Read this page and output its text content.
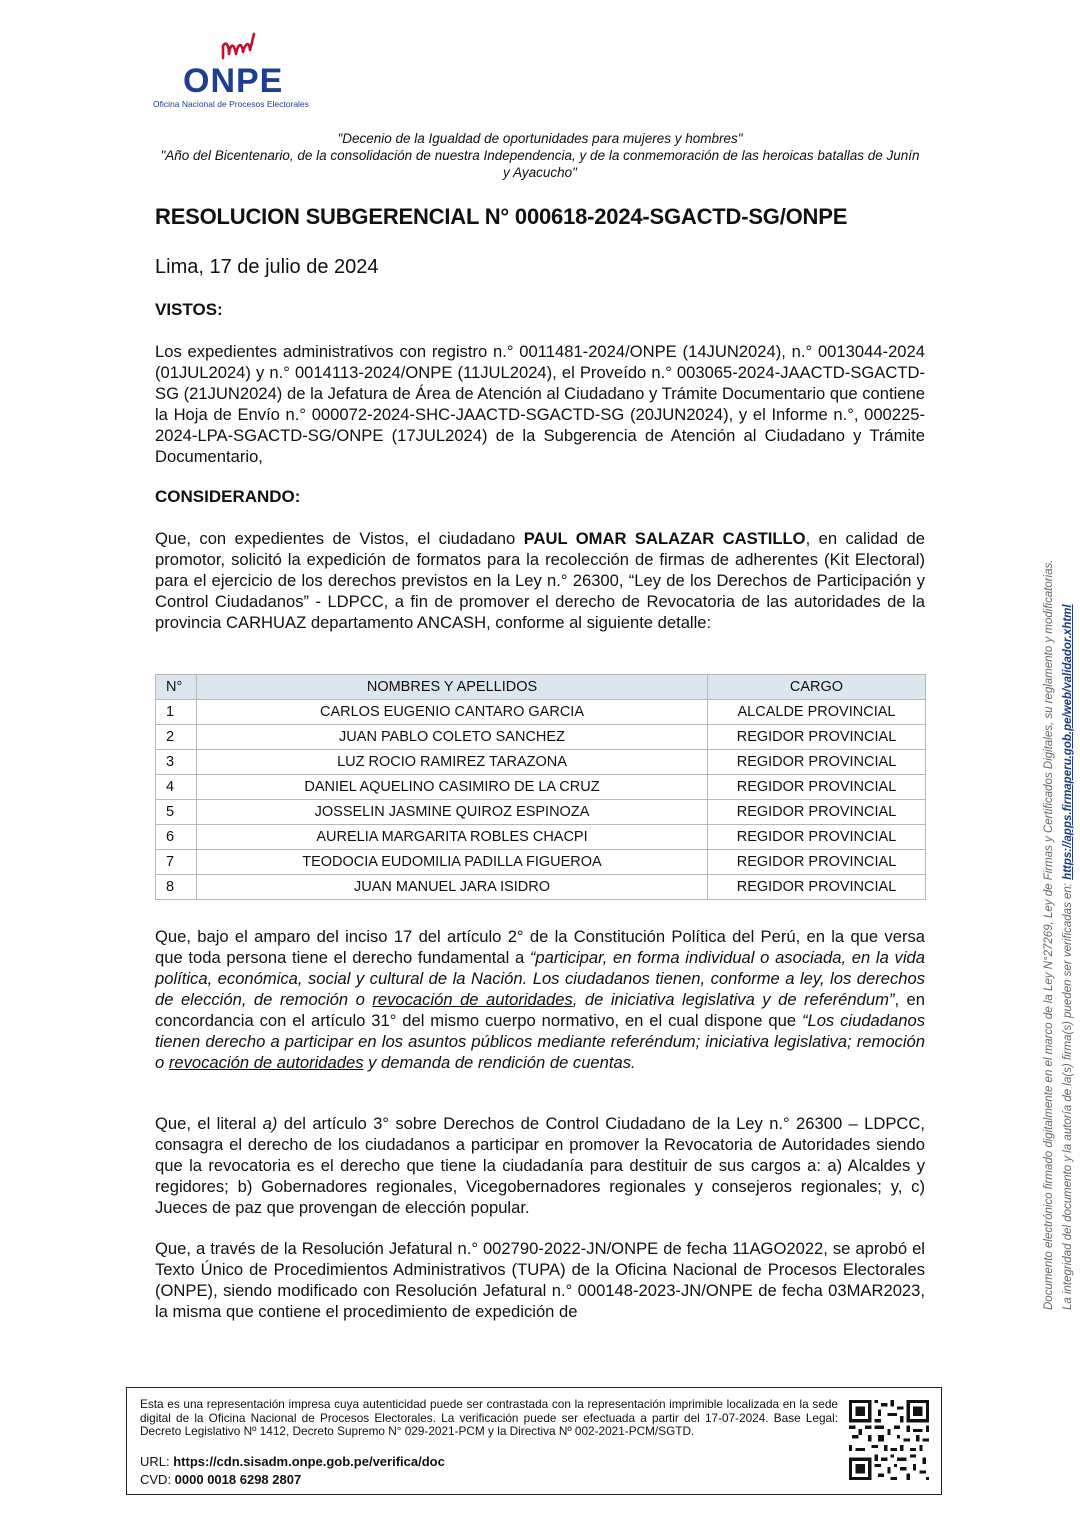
ONPE
Oficina Nacional de Procesos Electorales
"Decenio de la Igualdad de oportunidades para mujeres y hombres"
"Año del Bicentenario, de la consolidación de nuestra Independencia, y de la conmemoración de las heroicas batallas de Junín y Ayacucho"
RESOLUCION SUBGERENCIAL N° 000618-2024-SGACTD-SG/ONPE
Lima, 17 de julio de 2024
VISTOS:
Los expedientes administrativos con registro n.° 0011481-2024/ONPE (14JUN2024), n.° 0013044-2024 (01JUL2024) y n.° 0014113-2024/ONPE (11JUL2024), el Proveído n.° 003065-2024-JAACTD-SGACTD-SG (21JUN2024) de la Jefatura de Área de Atención al Ciudadano y Trámite Documentario que contiene la Hoja de Envío n.° 000072-2024-SHC-JAACTD-SGACTD-SG (20JUN2024), y el Informe n.°, 000225-2024-LPA-SGACTD-SG/ONPE (17JUL2024) de la Subgerencia de Atención al Ciudadano y Trámite Documentario,
CONSIDERANDO:
Que, con expedientes de Vistos, el ciudadano PAUL OMAR SALAZAR CASTILLO, en calidad de promotor, solicitó la expedición de formatos para la recolección de firmas de adherentes (Kit Electoral) para el ejercicio de los derechos previstos en la Ley n.° 26300, “Ley de los Derechos de Participación y Control Ciudadanos” - LDPCC, a fin de promover el derecho de Revocatoria de las autoridades de la provincia CARHUAZ departamento ANCASH, conforme al siguiente detalle:
N°	NOMBRES Y APELLIDOS	CARGO
1	CARLOS EUGENIO CANTARO GARCIA	ALCALDE PROVINCIAL
2	JUAN PABLO COLETO SANCHEZ	REGIDOR PROVINCIAL
3	LUZ ROCIO RAMIREZ TARAZONA	REGIDOR PROVINCIAL
4	DANIEL AQUELINO CASIMIRO DE LA CRUZ	REGIDOR PROVINCIAL
5	JOSSELIN JASMINE QUIROZ ESPINOZA	REGIDOR PROVINCIAL
6	AURELIA MARGARITA ROBLES CHACPI	REGIDOR PROVINCIAL
7	TEODOCIA EUDOMILIA PADILLA FIGUEROA	REGIDOR PROVINCIAL
8	JUAN MANUEL JARA ISIDRO	REGIDOR PROVINCIAL
Que, bajo el amparo del inciso 17 del artículo 2° de la Constitución Política del Perú, en la que versa que toda persona tiene el derecho fundamental a “participar, en forma individual o asociada, en la vida política, económica, social y cultural de la Nación. Los ciudadanos tienen, conforme a ley, los derechos de elección, de remoción o revocación de autoridades, de iniciativa legislativa y de referéndum”, en concordancia con el artículo 31° del mismo cuerpo normativo, en el cual dispone que “Los ciudadanos tienen derecho a participar en los asuntos públicos mediante referéndum; iniciativa legislativa; remoción o revocación de autoridades y demanda de rendición de cuentas.
Que, el literal a) del artículo 3° sobre Derechos de Control Ciudadano de la Ley n.° 26300 – LDPCC, consagra el derecho de los ciudadanos a participar en promover la Revocatoria de Autoridades siendo que la revocatoria es el derecho que tiene la ciudadanía para destituir de sus cargos a: a) Alcaldes y regidores; b) Gobernadores regionales, Vicegobernadores regionales y consejeros regionales; y, c) Jueces de paz que provengan de elección popular.
Que, a través de la Resolución Jefatural n.° 002790-2022-JN/ONPE de fecha 11AGO2022, se aprobó el Texto Único de Procedimientos Administrativos (TUPA) de la Oficina Nacional de Procesos Electorales (ONPE), siendo modificado con Resolución Jefatural n.° 000148-2023-JN/ONPE de fecha 03MAR2023, la misma que contiene el procedimiento de expedición de
Documento electrónico firmado digitalmente en el marco de la Ley N°27269, Ley de Firmas y Certificados Digitales, su reglamento y modificatorias. La integridad del documento y la autoría de la(s) firma(s) pueden ser verificadas en: https://apps.firmaperu.gob.pe/web/validador.xhtml
Esta es una representación impresa cuya autenticidad puede ser contrastada con la representación imprimible localizada en la sede digital de la Oficina Nacional de Procesos Electorales. La verificación puede ser efectuada a partir del 17-07-2024. Base Legal: Decreto Legislativo Nº 1412, Decreto Supremo N° 029-2021-PCM y la Directiva Nº 002-2021-PCM/SGTD.
URL: https://cdn.sisadm.onpe.gob.pe/verifica/doc
CVD: 0000 0018 6298 2807
